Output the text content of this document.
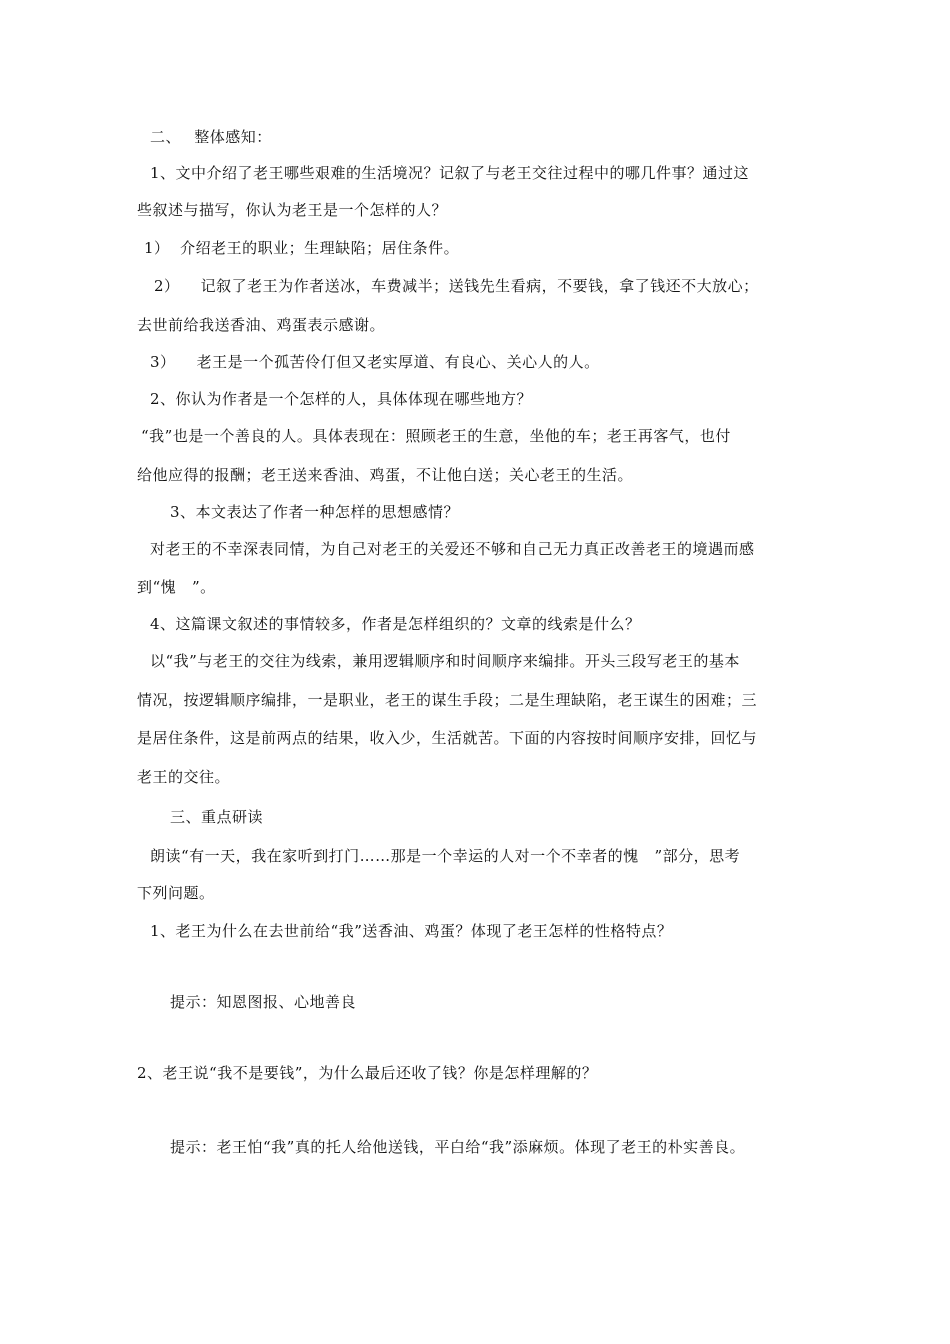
二、　 整体感知：

1、文中介绍了老王哪些艰难的生活境况？记叙了与老王交往过程中的哪几件事？通过这

些叙述与描写，你认为老王是一个怎样的人？

1）  介绍老王的职业；生理缺陷；居住条件。

2）    记叙了老王为作者送冰，车费减半；送钱先生看病，不要钱，拿了钱还不大放心；

去世前给我送香油、鸡蛋表示感谢。

3）    老王是一个孤苦伶仃但又老实厚道、有良心、关心人的人。

2、你认为作者是一个怎样的人，具体体现在哪些地方？

“我”也是一个善良的人。具体表现在：照顾老王的生意，坐他的车；老王再客气，也付

给他应得的报酬；老王送来香油、鸡蛋，不让他白送；关心老王的生活。

3、本文表达了作者一种怎样的思想感情？

对老王的不幸深表同情，为自己对老王的关爱还不够和自己无力真正改善老王的境遇而感

到“愧   ”。

4、这篇课文叙述的事情较多，作者是怎样组织的？文章的线索是什么？

以“我”与老王的交往为线索，兼用逻辑顺序和时间顺序来编排。开头三段写老王的基本

情况，按逻辑顺序编排，一是职业，老王的谋生手段；二是生理缺陷，老王谋生的困难；三

是居住条件，这是前两点的结果，收入少，生活就苦。下面的内容按时间顺序安排，回忆与

老王的交往。

三、重点研读

朗读“有一天，我在家听到打门……那是一个幸运的人对一个不幸者的愧   ”部分，思考

下列问题。

1、老王为什么在去世前给“我”送香油、鸡蛋？体现了老王怎样的性格特点？

提示：知恩图报、心地善良

2、老王说“我不是要钱”，为什么最后还收了钱？你是怎样理解的？

提示：老王怕“我”真的托人给他送钱，平白给“我”添麻烦。体现了老王的朴实善良。
